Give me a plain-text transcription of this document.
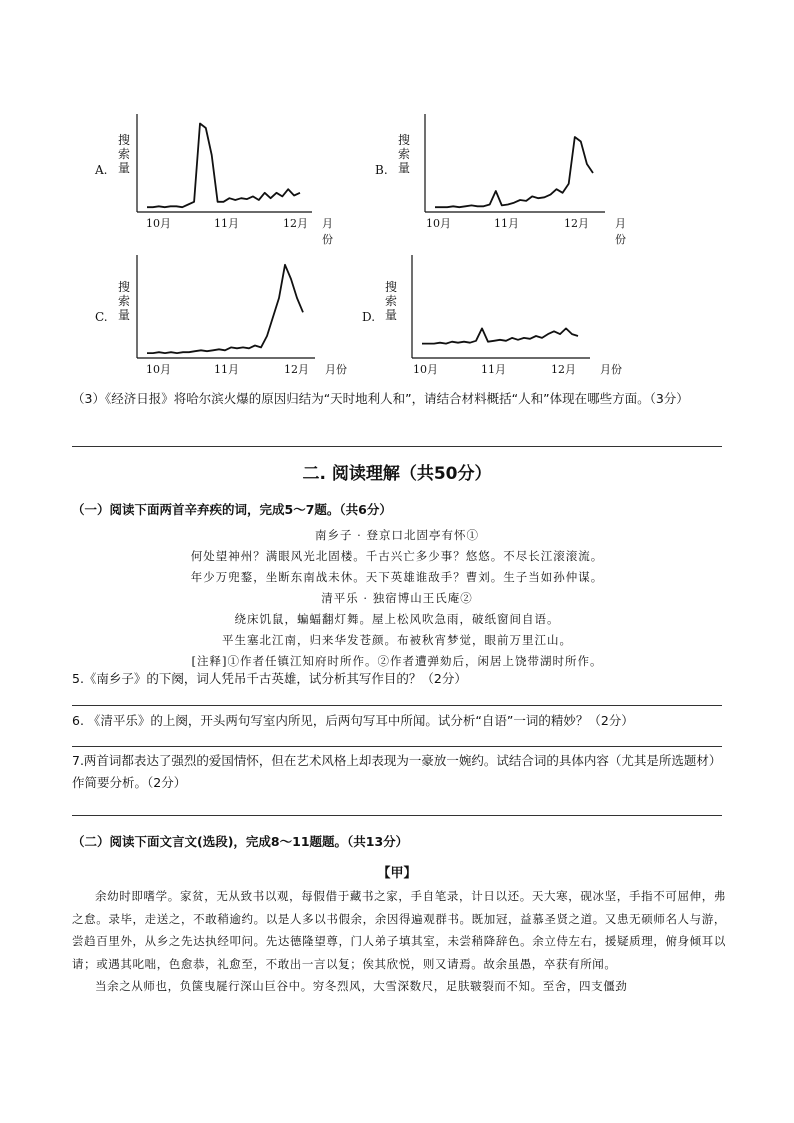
A.
搜
索
量
10月	11月	12月 月份
B.
搜
索
量
10月	11月	12月 月份
C.
搜
索
量
10月	11月	12月 月份
D.
搜
索
量
10月	11月	12月 月份
（3）《经济日报》将哈尔滨火爆的原因归结为“天时地利人和”，请结合材料概括“人和”体现在哪些方面。（3分）
二. 阅读理解（共50分）
（一）阅读下面两首辛弃疾的词，完成5～7题。（共6分）
南乡子 · 登京口北固亭有怀①
何处望神州？满眼风光北固楼。千古兴亡多少事？悠悠。不尽长江滚滚流。
年少万兜鍪，坐断东南战未休。天下英雄谁敌手？曹刘。生子当如孙仲谋。
清平乐 · 独宿博山王氏庵②
绕床饥鼠，蝙蝠翻灯舞。屋上松风吹急雨，破纸窗间自语。
平生塞北江南，归来华发苍颜。布被秋宵梦觉，眼前万里江山。
[注释]①作者任镇江知府时所作。②作者遭弹劾后，闲居上饶带湖时所作。
5.《南乡子》的下阕，词人凭吊千古英雄，试分析其写作目的？（2分）
6. 《清平乐》的上阕，开头两句写室内所见，后两句写耳中所闻。试分析“自语”一词的精妙？（2分）
7.两首词都表达了强烈的爱国情怀，但在艺术风格上却表现为一豪放一婉约。试结合词的具体内容（尤其是所选题材）作简要分析。（2分）
（二）阅读下面文言文(选段)，完成8～11题题。（共13分）
【甲】

余幼时即嗜学。家贫，无从致书以观，每假借于藏书之家，手自笔录，计日以还。天大寒，砚冰坚，手指不可屈伸，弗之怠。录毕，走送之，不敢稍逾约。以是人多以书假余，余因得遍观群书。既加冠，益慕圣贤之道。又患无硕师名人与游，尝趋百里外，从乡之先达执经叩问。先达德隆望尊，门人弟子填其室，未尝稍降辞色。余立侍左右，援疑质理，俯身倾耳以请；或遇其叱咄，色愈恭，礼愈至，不敢出一言以复；俟其欣悦，则又请焉。故余虽愚，卒获有所闻。

当余之从师也，负箧曳屣行深山巨谷中。穷冬烈风，大雪深数尺，足肤皲裂而不知。至舍，四支僵劲
